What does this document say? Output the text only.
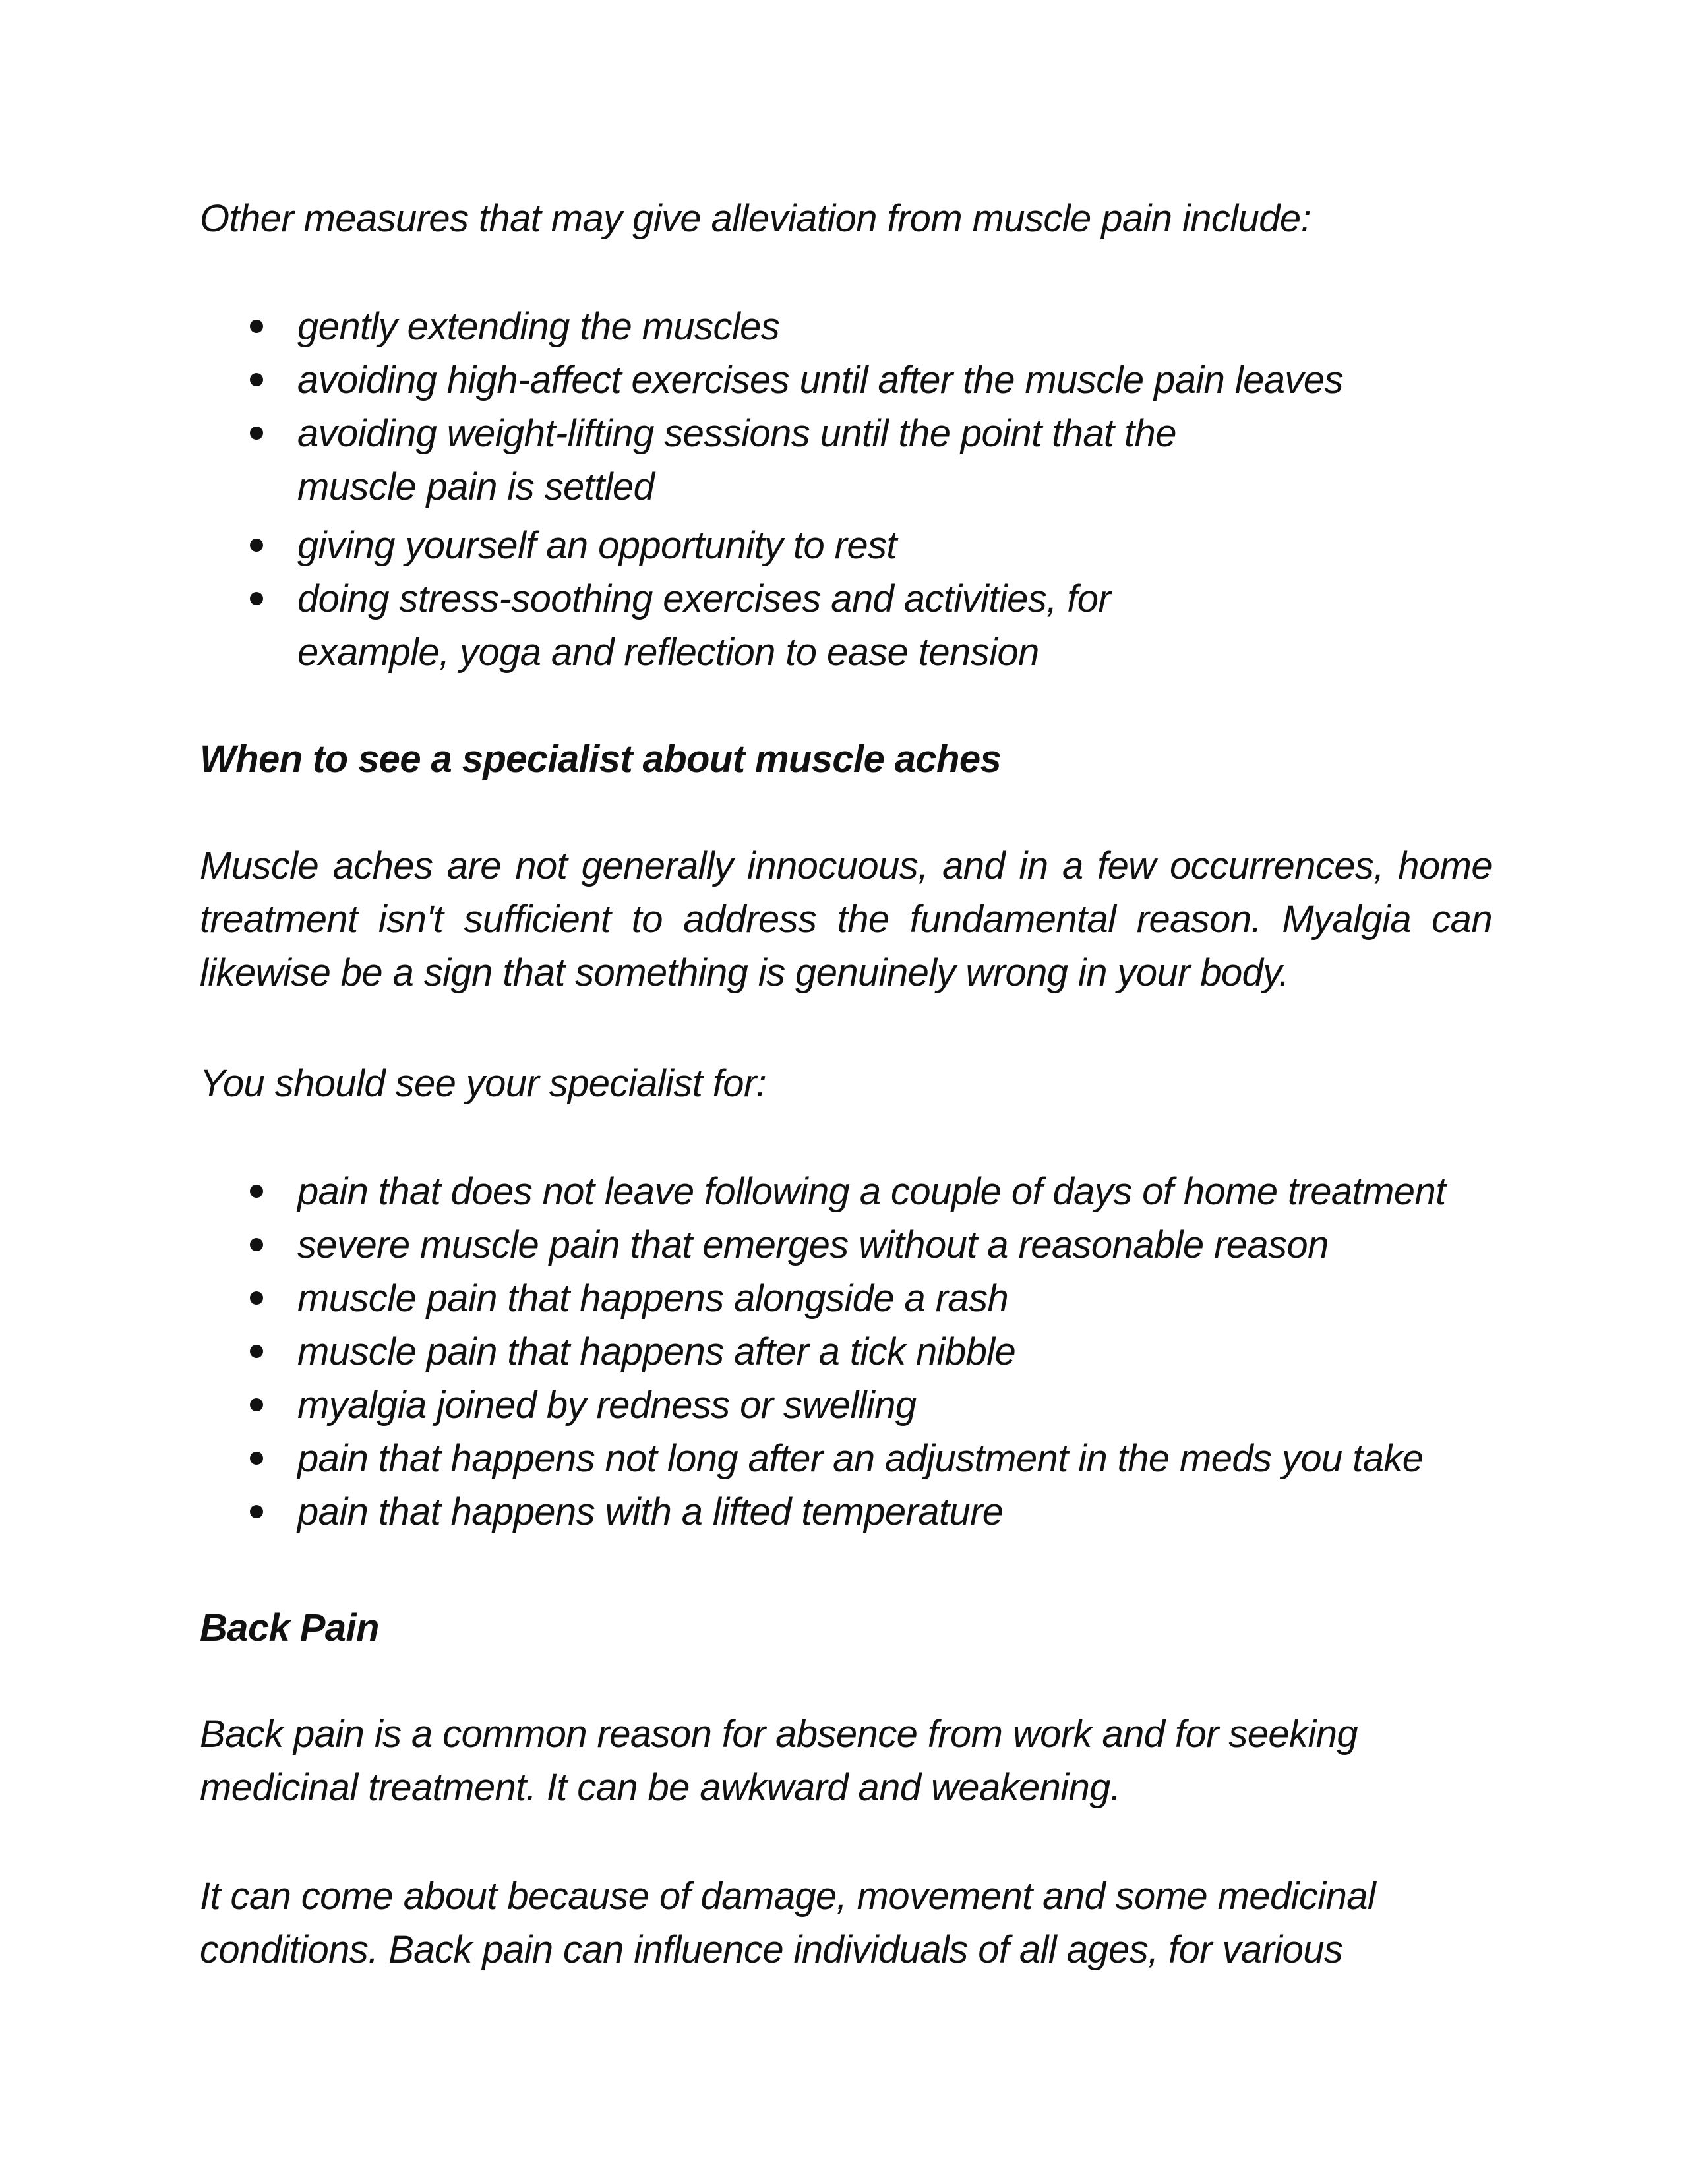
Other measures that may give alleviation from muscle pain include:

gently extending the muscles
avoiding high-affect exercises until after the muscle pain leaves
avoiding weight-lifting sessions until the point that the muscle pain is settled
giving yourself an opportunity to rest
doing stress-soothing exercises and activities, for example, yoga and reflection to ease tension

When to see a specialist about muscle aches

Muscle aches are not generally innocuous, and in a few occurrences, home treatment isn't sufficient to address the fundamental reason. Myalgia can likewise be a sign that something is genuinely wrong in your body.

You should see your specialist for:

pain that does not leave following a couple of days of home treatment
severe muscle pain that emerges without a reasonable reason
muscle pain that happens alongside a rash
muscle pain that happens after a tick nibble
myalgia joined by redness or swelling
pain that happens not long after an adjustment in the meds you take
pain that happens with a lifted temperature

Back Pain

Back pain is a common reason for absence from work and for seeking medicinal treatment. It can be awkward and weakening.

It can come about because of damage, movement and some medicinal conditions. Back pain can influence individuals of all ages, for various
